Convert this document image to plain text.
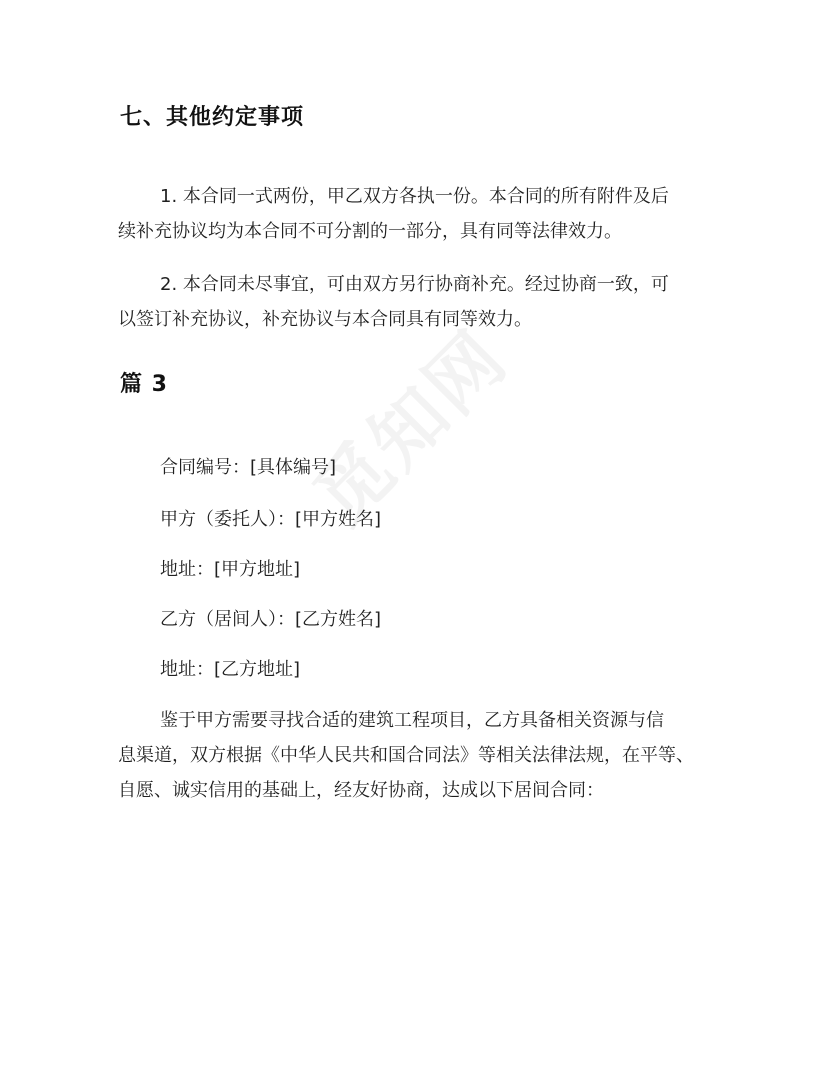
七、其他约定事项

1. 本合同一式两份，甲乙双方各执一份。本合同的所有附件及后
续补充协议均为本合同不可分割的一部分，具有同等法律效力。

2. 本合同未尽事宜，可由双方另行协商补充。经过协商一致，可
以签订补充协议，补充协议与本合同具有同等效力。

篇 3

合同编号：[具体编号]

甲方（委托人）：[甲方姓名]

地址：[甲方地址]

乙方（居间人）：[乙方姓名]

地址：[乙方地址]

鉴于甲方需要寻找合适的建筑工程项目，乙方具备相关资源与信
息渠道，双方根据《中华人民共和国合同法》等相关法律法规，在平等、
自愿、诚实信用的基础上，经友好协商，达成以下居间合同：
